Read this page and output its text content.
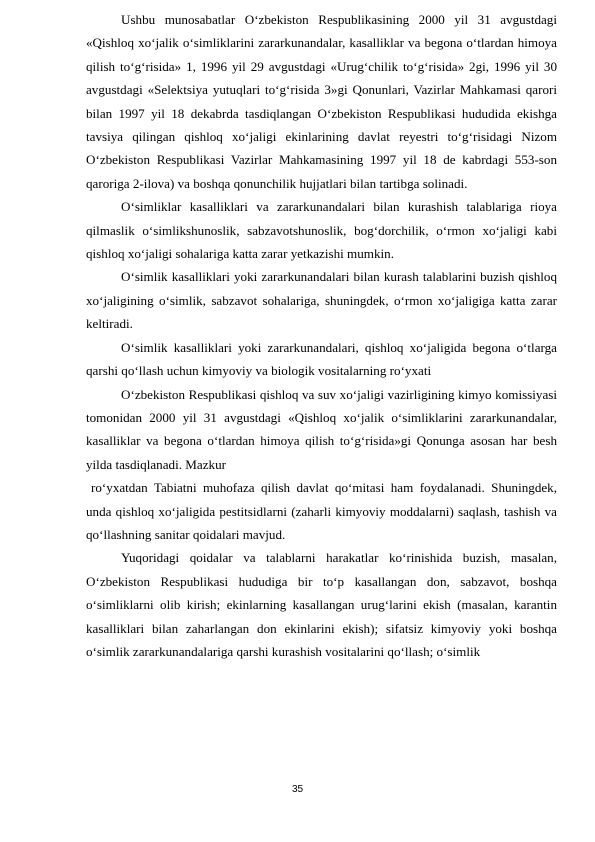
Ushbu munosabatlar O‘zbekiston Respublikasining 2000 yil 31 avgustdagi «Qishloq xo‘jalik o‘simliklarini zararkunandalar, kasalliklar va begona o‘tlardan himoya qilish to‘g‘risida» 1, 1996 yil 29 avgustdagi «Urug‘chilik to‘g‘risida» 2gi, 1996 yil 30 avgustdagi «Selektsiya yutuqlari to‘g‘risida 3»gi Qonunlari, Vazirlar Mahkamasi qarori bilan 1997 yil 18 dekabrda tasdiqlangan O‘zbekiston Respublikasi hududida ekishga tavsiya qilingan qishloq xo‘jaligi ekinlarining davlat reyestri to‘g‘risidagi Nizom O‘zbekiston Respublikasi Vazirlar Mahkamasining 1997 yil 18 de kabrdagi 553-son qaroriga 2-ilova) va boshqa qonunchilik hujjatlari bilan tartibga solinadi.

O‘simliklar kasalliklari va zararkunandalari bilan kurashish talablariga rioya qilmaslik o‘simlikshunoslik, sabzavotshunoslik, bog‘dorchilik, o‘rmon xo‘jaligi kabi qishloq xo‘jaligi sohalariga katta zarar yetkazishi mumkin.

O‘simlik kasalliklari yoki zararkunandalari bilan kurash talablarini buzish qishloq xo‘jaligining o‘simlik, sabzavot sohalariga, shuningdek, o‘rmon xo‘jaligiga katta zarar keltiradi.

O‘simlik kasalliklari yoki zararkunandalari, qishloq xo‘jaligida begona o‘tlarga qarshi qo‘llash uchun kimyoviy va biologik vositalarning ro‘yxati

O‘zbekiston Respublikasi qishloq va suv xo‘jaligi vazirligining kimyo komissiyasi tomonidan 2000 yil 31 avgustdagi «Qishloq xo‘jalik o‘simliklarini zararkunandalar, kasalliklar va begona o‘tlardan himoya qilish to‘g‘risida»gi Qonunga asosan har besh yilda tasdiqlanadi. Mazkur

ro‘yxatdan Tabiatni muhofaza qilish davlat qo‘mitasi ham foydalanadi. Shuningdek, unda qishloq xo‘jaligida pestitsidlarni (zaharli kimyoviy moddalarni) saqlash, tashish va qo‘llashning sanitar qoidalari mavjud.

Yuqoridagi qoidalar va talablarni harakatlar ko‘rinishida buzish, masalan, O‘zbekiston Respublikasi hududiga bir to‘p kasallangan don, sabzavot, boshqa o‘simliklarni olib kirish; ekinlarning kasallangan urug‘larini ekish (masalan, karantin kasalliklari bilan zaharlangan don ekinlarini ekish); sifatsiz kimyoviy yoki boshqa o‘simlik zararkunandalariga qarshi kurashish vositalarini qo‘llash; o‘simlik

35
